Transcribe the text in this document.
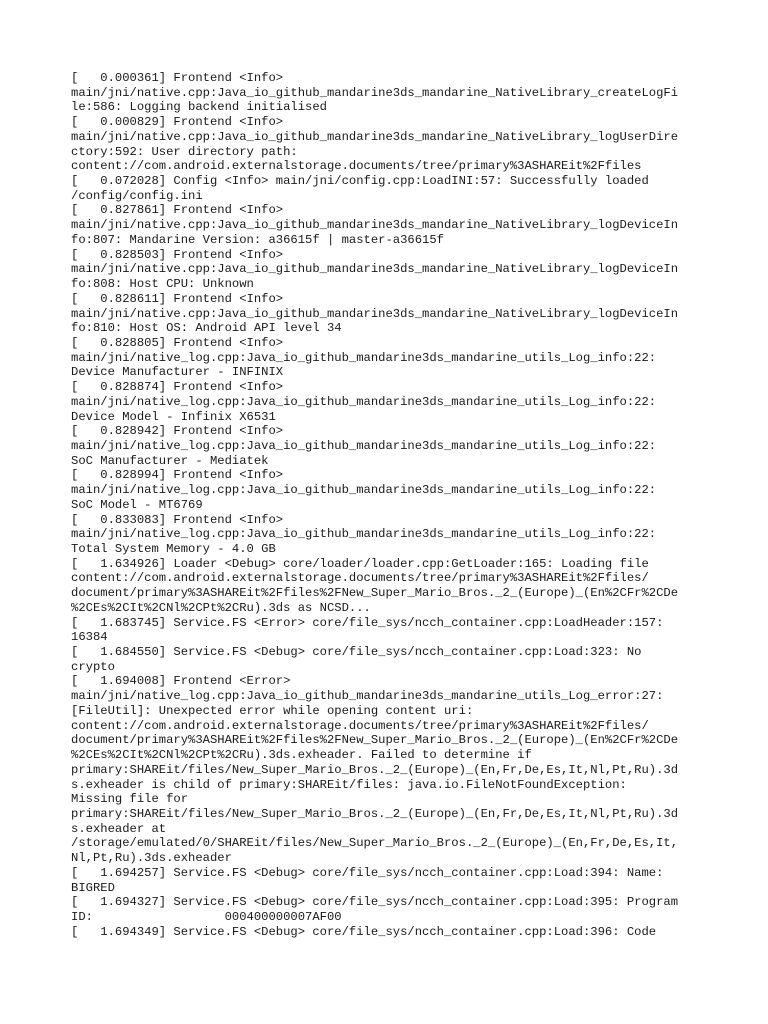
[   0.000361] Frontend <Info>
main/jni/native.cpp:Java_io_github_mandarine3ds_mandarine_NativeLibrary_createLogFi
le:586: Logging backend initialised
[   0.000829] Frontend <Info>
main/jni/native.cpp:Java_io_github_mandarine3ds_mandarine_NativeLibrary_logUserDire
ctory:592: User directory path:
content://com.android.externalstorage.documents/tree/primary%3ASHAREit%2Ffiles
[   0.072028] Config <Info> main/jni/config.cpp:LoadINI:57: Successfully loaded
/config/config.ini
[   0.827861] Frontend <Info>
main/jni/native.cpp:Java_io_github_mandarine3ds_mandarine_NativeLibrary_logDeviceIn
fo:807: Mandarine Version: a36615f | master-a36615f
[   0.828503] Frontend <Info>
main/jni/native.cpp:Java_io_github_mandarine3ds_mandarine_NativeLibrary_logDeviceIn
fo:808: Host CPU: Unknown
[   0.828611] Frontend <Info>
main/jni/native.cpp:Java_io_github_mandarine3ds_mandarine_NativeLibrary_logDeviceIn
fo:810: Host OS: Android API level 34
[   0.828805] Frontend <Info>
main/jni/native_log.cpp:Java_io_github_mandarine3ds_mandarine_utils_Log_info:22:
Device Manufacturer - INFINIX
[   0.828874] Frontend <Info>
main/jni/native_log.cpp:Java_io_github_mandarine3ds_mandarine_utils_Log_info:22:
Device Model - Infinix X6531
[   0.828942] Frontend <Info>
main/jni/native_log.cpp:Java_io_github_mandarine3ds_mandarine_utils_Log_info:22:
SoC Manufacturer - Mediatek
[   0.828994] Frontend <Info>
main/jni/native_log.cpp:Java_io_github_mandarine3ds_mandarine_utils_Log_info:22:
SoC Model - MT6769
[   0.833083] Frontend <Info>
main/jni/native_log.cpp:Java_io_github_mandarine3ds_mandarine_utils_Log_info:22:
Total System Memory - 4.0 GB
[   1.634926] Loader <Debug> core/loader/loader.cpp:GetLoader:165: Loading file
content://com.android.externalstorage.documents/tree/primary%3ASHAREit%2Ffiles/
document/primary%3ASHAREit%2Ffiles%2FNew_Super_Mario_Bros._2_(Europe)_(En%2CFr%2CDe
%2CEs%2CIt%2CNl%2CPt%2CRu).3ds as NCSD...
[   1.683745] Service.FS <Error> core/file_sys/ncch_container.cpp:LoadHeader:157:
16384
[   1.684550] Service.FS <Debug> core/file_sys/ncch_container.cpp:Load:323: No
crypto
[   1.694008] Frontend <Error>
main/jni/native_log.cpp:Java_io_github_mandarine3ds_mandarine_utils_Log_error:27:
[FileUtil]: Unexpected error while opening content uri:
content://com.android.externalstorage.documents/tree/primary%3ASHAREit%2Ffiles/
document/primary%3ASHAREit%2Ffiles%2FNew_Super_Mario_Bros._2_(Europe)_(En%2CFr%2CDe
%2CEs%2CIt%2CNl%2CPt%2CRu).3ds.exheader. Failed to determine if
primary:SHAREit/files/New_Super_Mario_Bros._2_(Europe)_(En,Fr,De,Es,It,Nl,Pt,Ru).3d
s.exheader is child of primary:SHAREit/files: java.io.FileNotFoundException:
Missing file for
primary:SHAREit/files/New_Super_Mario_Bros._2_(Europe)_(En,Fr,De,Es,It,Nl,Pt,Ru).3d
s.exheader at
/storage/emulated/0/SHAREit/files/New_Super_Mario_Bros._2_(Europe)_(En,Fr,De,Es,It,
Nl,Pt,Ru).3ds.exheader
[   1.694257] Service.FS <Debug> core/file_sys/ncch_container.cpp:Load:394: Name:
BIGRED
[   1.694327] Service.FS <Debug> core/file_sys/ncch_container.cpp:Load:395: Program
ID:                  000400000007AF00
[   1.694349] Service.FS <Debug> core/file_sys/ncch_container.cpp:Load:396: Code
